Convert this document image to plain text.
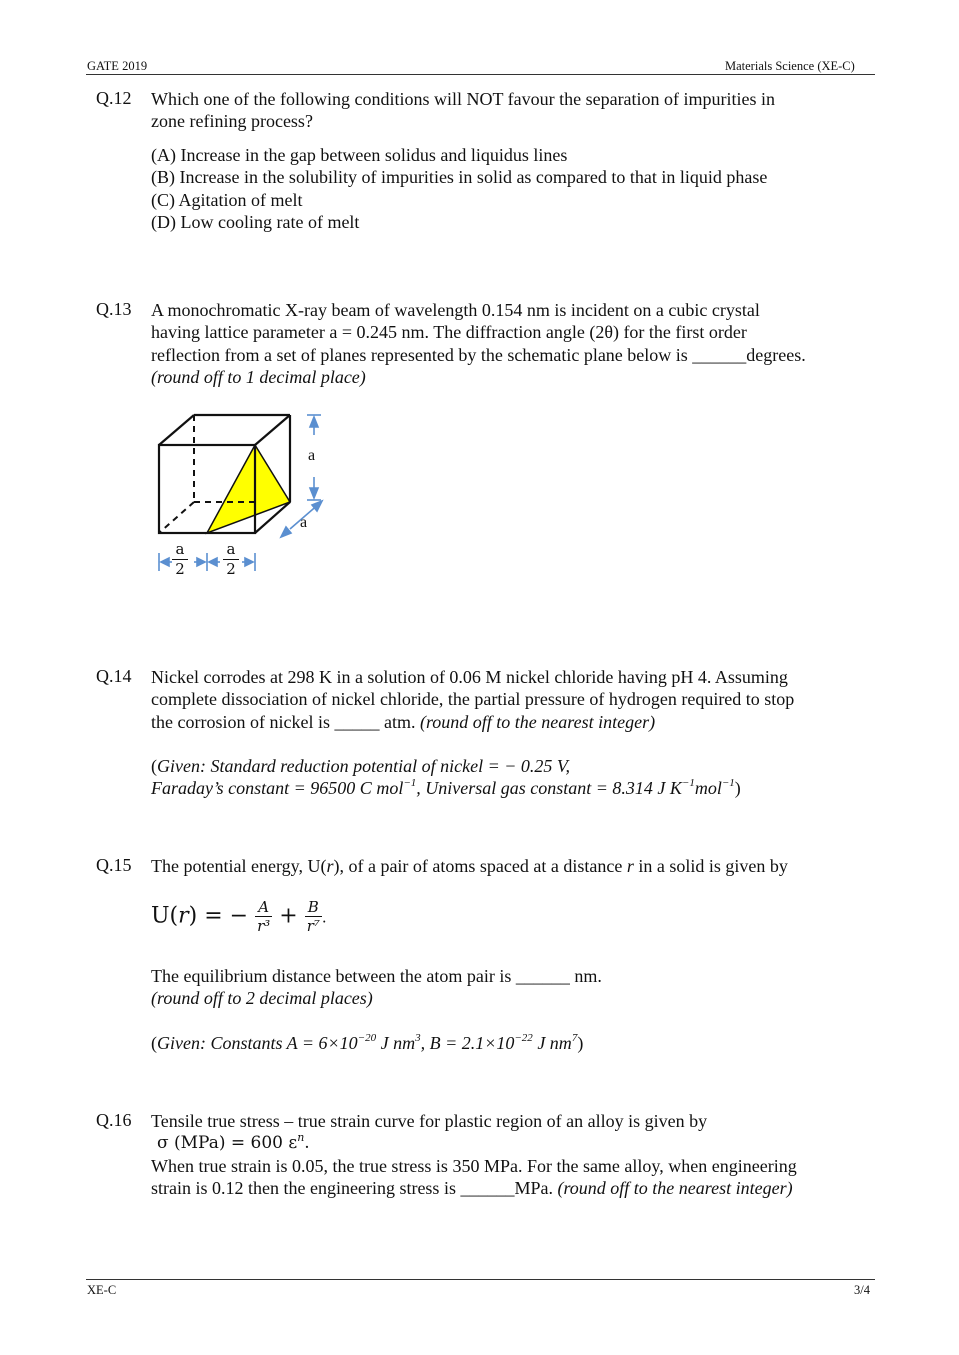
GATE 2019	Materials Science (XE-C)
Q.12 Which one of the following conditions will NOT favour the separation of impurities in
zone refining process?
(A) Increase in the gap between solidus and liquidus lines
(B) Increase in the solubility of impurities in solid as compared to that in liquid phase
(C) Agitation of melt
(D) Low cooling rate of melt
Q.13 A monochromatic X-ray beam of wavelength 0.154 nm is incident on a cubic crystal
having lattice parameter a = 0.245 nm. The diffraction angle (2θ) for the first order
reflection from a set of planes represented by the schematic plane below is ______degrees.
(round off to 1 decimal place)
a
a
a
2
a
2
Q.14 Nickel corrodes at 298 K in a solution of 0.06 M nickel chloride having pH 4. Assuming
complete dissociation of nickel chloride, the partial pressure of hydrogen required to stop
the corrosion of nickel is _____ atm. (round off to the nearest integer)
(Given: Standard reduction potential of nickel = − 0.25 V,
Faraday’s constant = 96500 C mol$^{-1}$, Universal gas constant = 8.314 J $K^{-1}mol^{-1}$)
Q.15 The potential energy, U(r), of a pair of atoms spaced at a distance r in a solid is given by
U(r) = − $\frac{A}{\text{r³}} + \frac{B}{\text{r⁷}}$ .
The equilibrium distance between the atom pair is ______ nm.
(round off to 2 decimal places)
(Given: Constants $A = 6\times 10^{-20}$ J $nm^3$, $B = 2.1\times 10^{-22}$ J $nm^7$)
Q.16 Tensile true stress – true strain curve for plastic region of an alloy is given by
σ (MPa) = 600 $\varepsilon^n$.
When true strain is 0.05, the true stress is 350 MPa. For the same alloy, when engineering
strain is 0.12 then the engineering stress is ______MPa. (round off to the nearest integer)
XE-C	3/4
